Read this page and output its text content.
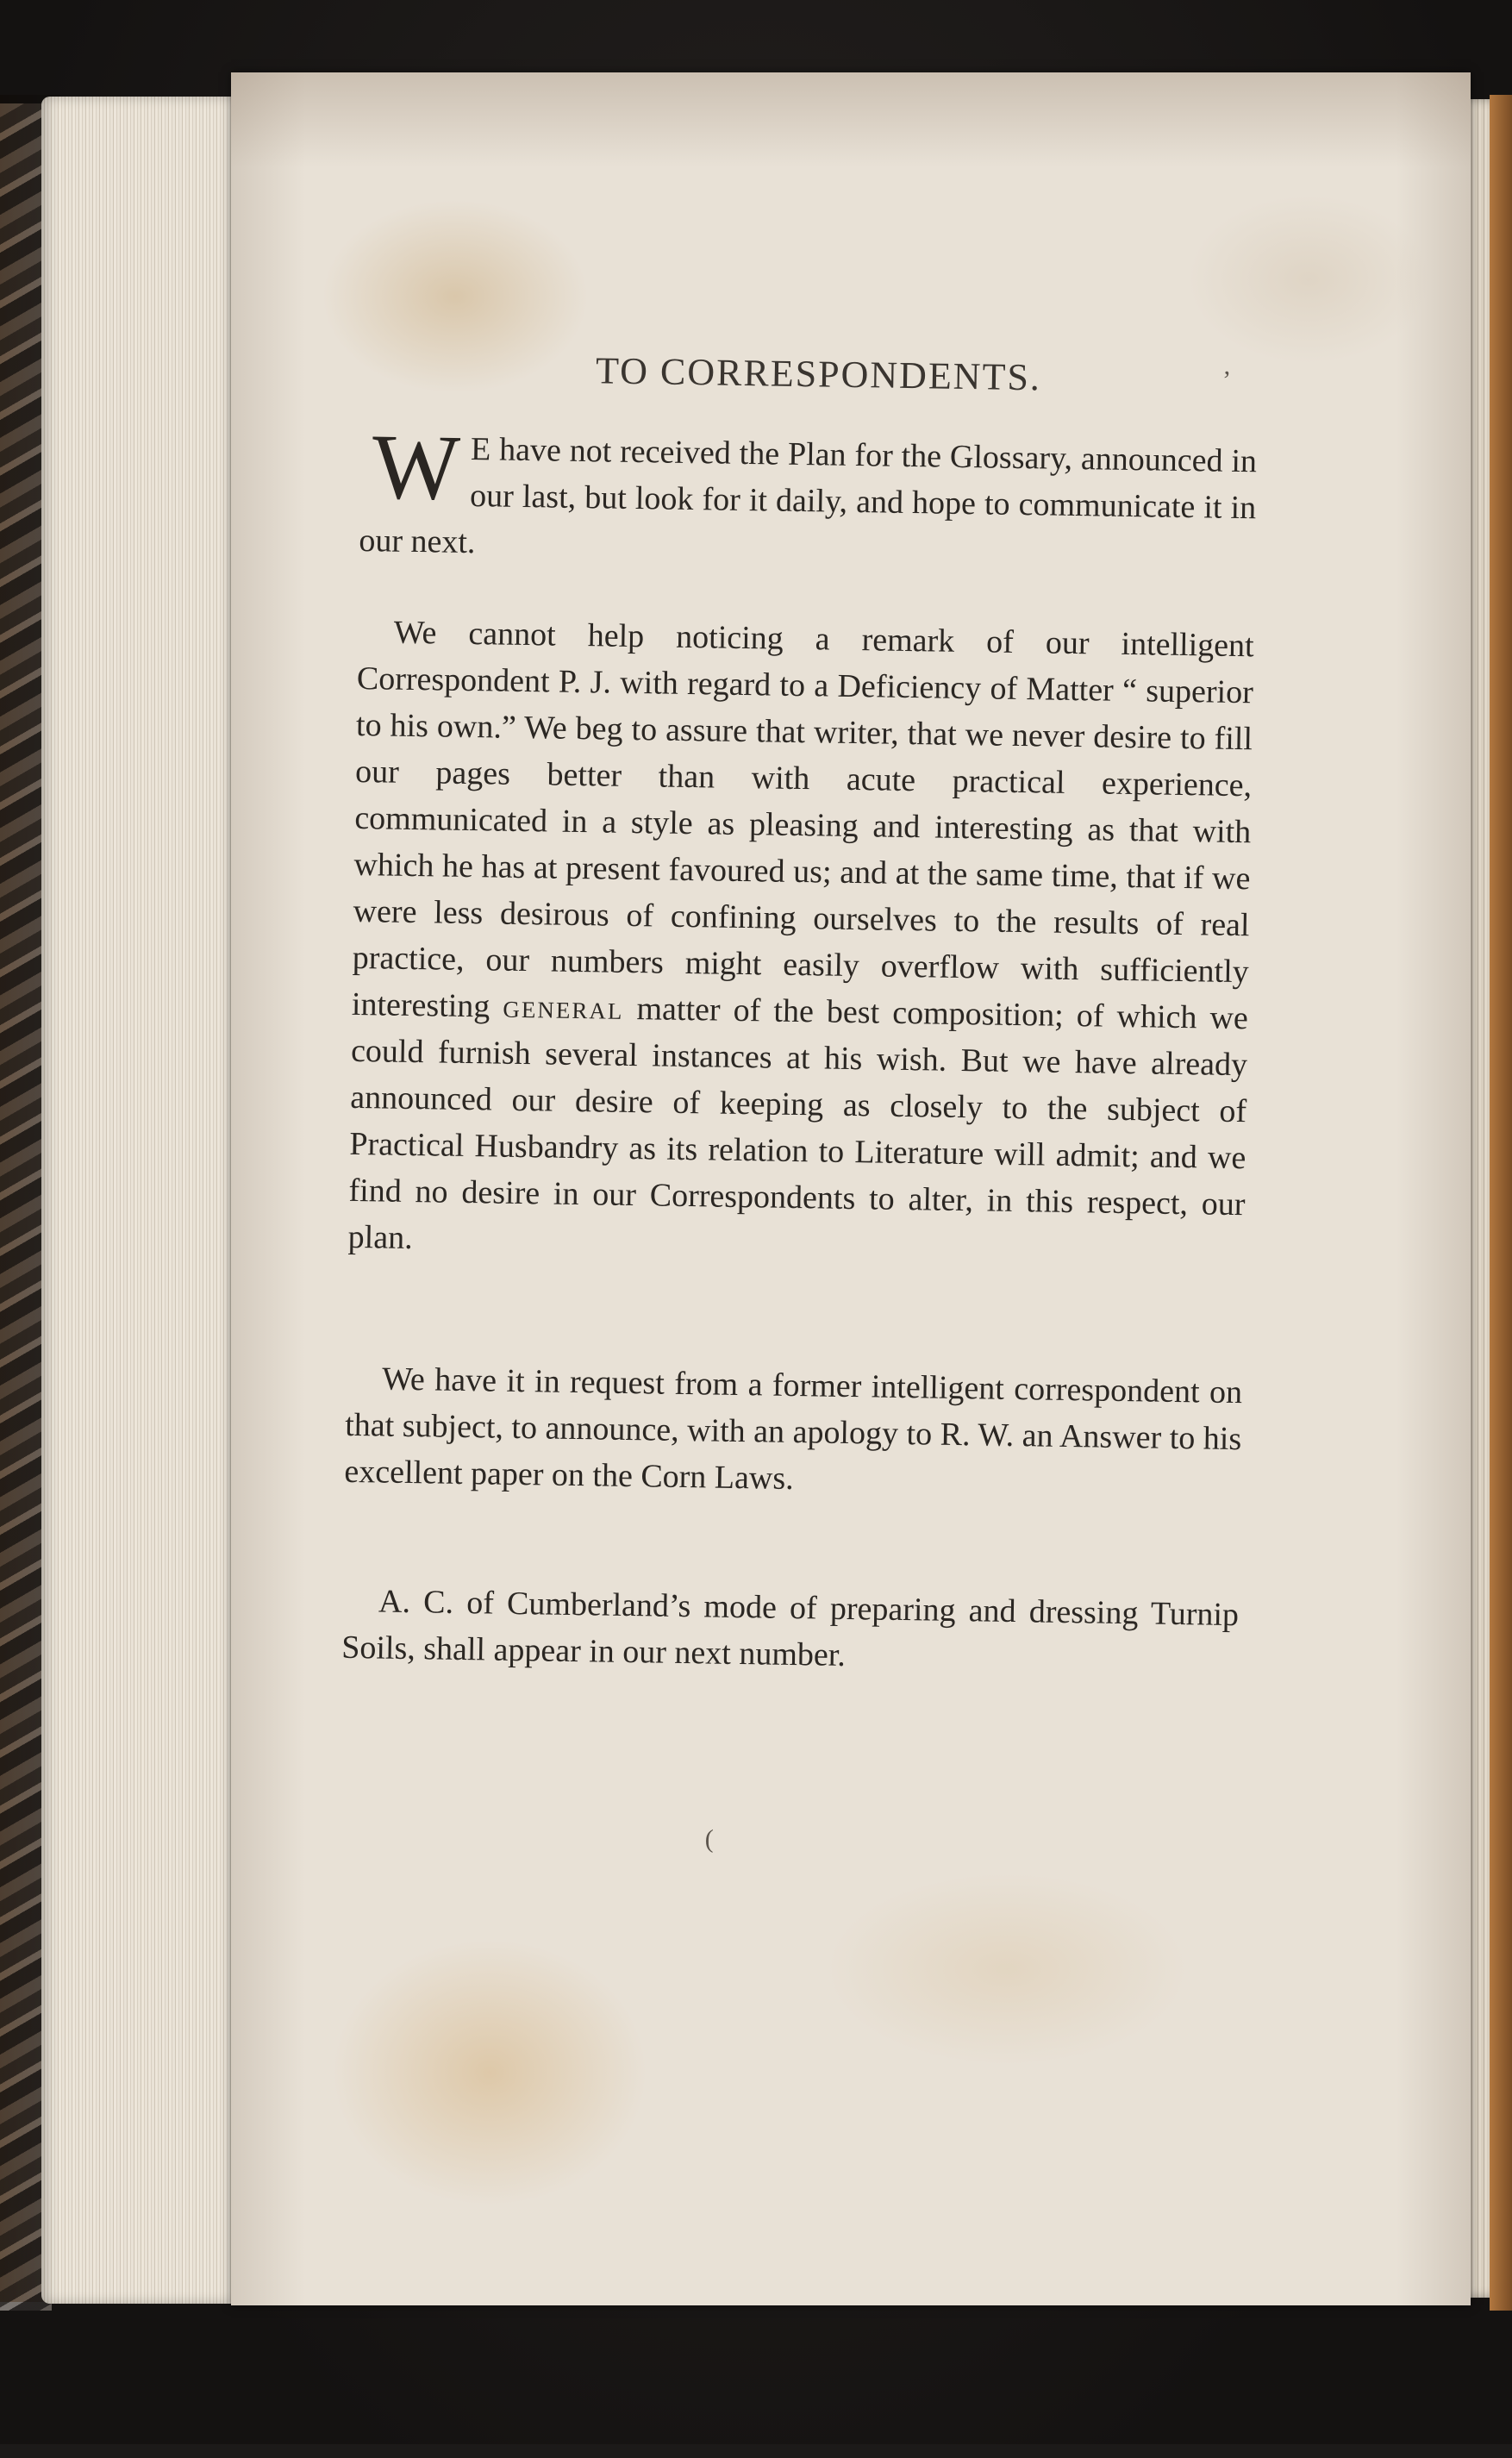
TO CORRESPONDENTS.	,
W E have not received the Plan for the Glossary, announced in our last, but look for it daily, and hope to communicate it in our next.
We cannot help noticing a remark of our intelligent Correspondent P. J. with regard to a Deficiency of Matter “ superior to his own.” We beg to assure that writer, that we never desire to fill our pages better than with acute practical experience, communicated in a style as pleasing and interesting as that with which he has at present favoured us; and at the same time, that if we were less desirous of confining ourselves to the results of real practice, our numbers might easily overflow with sufficiently interesting general matter of the best composition; of which we could furnish several instances at his wish. But we have already announced our desire of keeping as closely to the subject of Practical Husbandry as its relation to Literature will admit; and we find no desire in our Correspondents to alter, in this respect, our plan.
We have it in request from a former intelligent correspondent on that subject, to announce, with an apology to R. W. an Answer to his excellent paper on the Corn Laws.
A. C. of Cumberland’s mode of preparing and dressing Turnip Soils, shall appear in our next number.
(
